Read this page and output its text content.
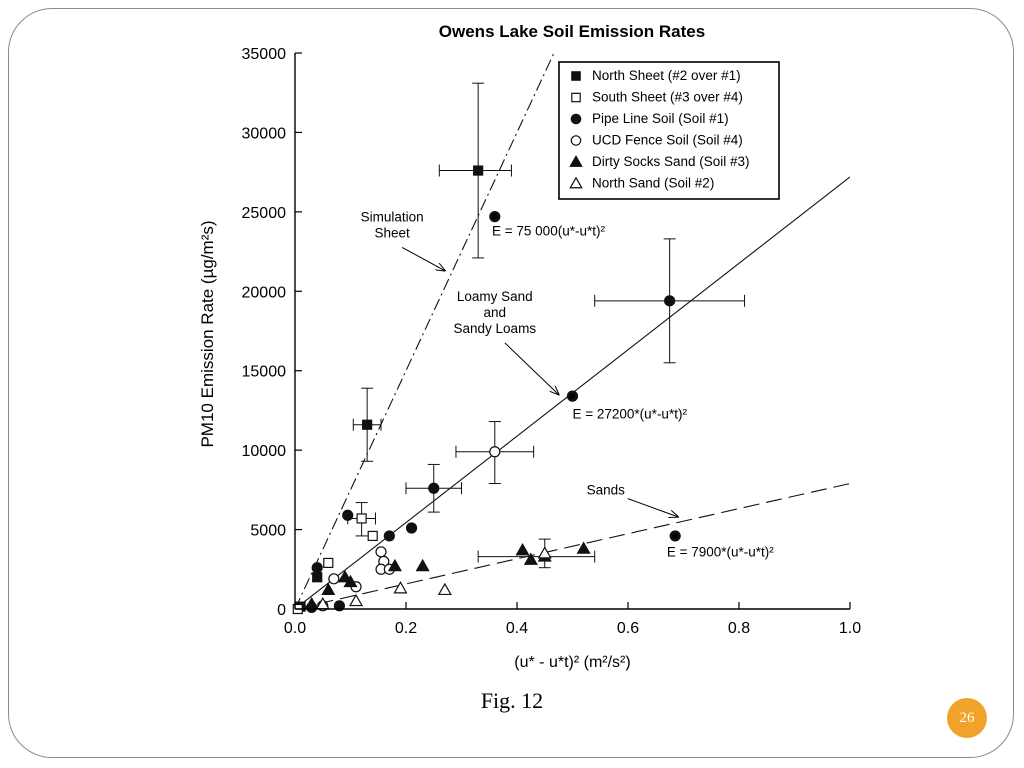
Owens Lake Soil Emission Rates
0.0	0.2	0.4	0.6	0.8	1.0
0
5000
10000
15000
20000
25000
30000
35000
(u* - u*t)² (m²/s²)
PM10 Emission Rate (µg/m²s)	E = 75 000(u*-u*t)²
E = 27200*(u*-u*t)²
E = 7900*(u*-u*t)²
Simulation
Sheet
Loamy Sand
and
Sandy Loams
Sands
North Sheet (#2 over #1)
South Sheet (#3 over #4)
Pipe Line Soil (Soil #1)
UCD Fence Soil (Soil #4)
Dirty Socks Sand (Soil #3)
North Sand (Soil #2)
Fig. 12
26
